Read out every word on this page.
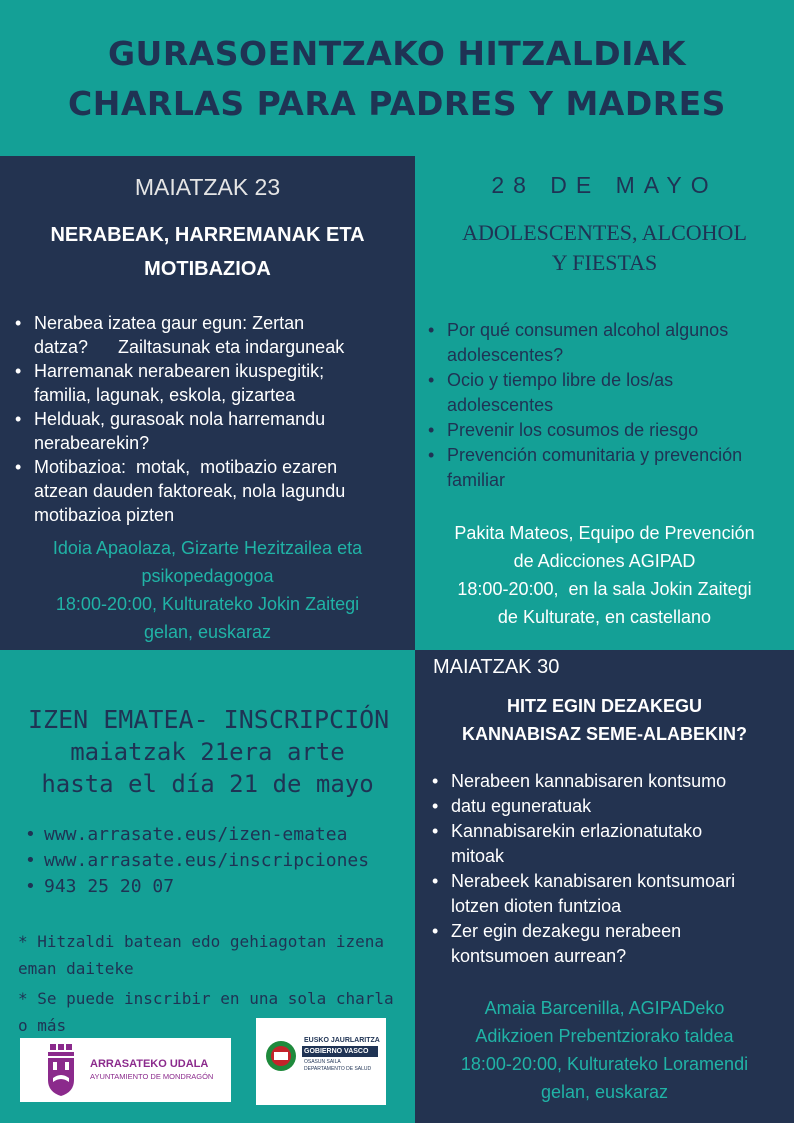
GURASOENTZAKO HITZALDIAK
CHARLAS PARA PADRES Y MADRES
MAIATZAK 23
NERABEAK, HARREMANAK ETA
MOTIBAZIOA
• Nerabea izatea gaur egun: Zertan
datza?      Zailtasunak eta indarguneak
• Harremanak nerabearen ikuspegitik;
familia, lagunak, eskola, gizartea
• Helduak, gurasoak nola harremandu
nerabearekin?
• Motibazioa:  motak,  motibazio ezaren
atzean dauden faktoreak, nola lagundu
motibazioa pizten
Idoia Apaolaza, Gizarte Hezitzailea eta
psikopedagogoa
18:00-20:00, Kulturateko Jokin Zaitegi
gelan, euskaraz
28 DE MAYO
ADOLESCENTES, ALCOHOL
Y FIESTAS
• Por qué consumen alcohol algunos
adolescentes?
• Ocio y tiempo libre de los/as
adolescentes
• Prevenir los cosumos de riesgo
• Prevención comunitaria y prevención
familiar
Pakita Mateos, Equipo de Prevención
de Adicciones AGIPAD
18:00-20:00,  en la sala Jokin Zaitegi
de Kulturate, en castellano
IZEN EMATEA- INSCRIPCIÓN
maiatzak 21era arte
hasta el día 21 de mayo
• www.arrasate.eus/izen-ematea
• www.arrasate.eus/inscripciones
• 943 25 20 07
* Hitzaldi batean edo gehiagotan izena
eman daiteke
* Se puede inscribir en una sola charla
o más
ARRASATEKO UDALA
AYUNTAMIENTO DE MONDRAGÓN
EUSKO JAURLARITZA
GOBIERNO VASCO
OSASUN SAILA
DEPARTAMENTO DE SALUD
MAIATZAK 30
HITZ EGIN DEZAKEGU
KANNABISAZ SEME-ALABEKIN?
• Nerabeen kannabisaren kontsumo
• datu eguneratuak
• Kannabisarekin erlazionatutako
mitoak
• Nerabeek kanabisaren kontsumoari
lotzen dioten funtzioa
• Zer egin dezakegu nerabeen
kontsumoen aurrean?
Amaia Barcenilla, AGIPADeko
Adikzioen Prebentziorako taldea
18:00-20:00, Kulturateko Loramendi
gelan, euskaraz
